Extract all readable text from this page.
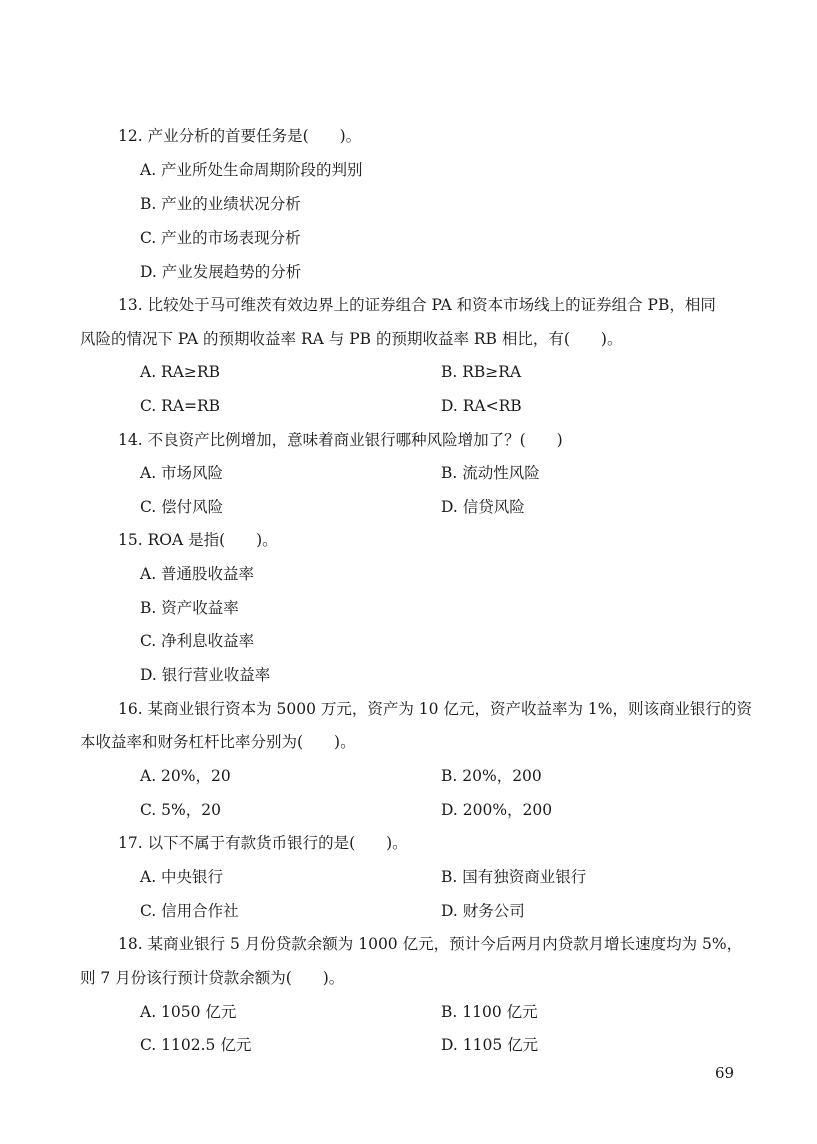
12. 产业分析的首要任务是(　　)。
A. 产业所处生命周期阶段的判别
B. 产业的业绩状况分析
C. 产业的市场表现分析
D. 产业发展趋势的分析
13. 比较处于马可维茨有效边界上的证券组合 PA 和资本市场线上的证券组合 PB，相同
风险的情况下 PA 的预期收益率 RA 与 PB 的预期收益率 RB 相比，有(　　)。
A. RA≥RB	B. RB≥RA
C. RA=RB	D. RA<RB
14. 不良资产比例增加，意味着商业银行哪种风险增加了？(　　)
A. 市场风险	B. 流动性风险
C. 偿付风险	D. 信贷风险
15. ROA 是指(　　)。
A. 普通股收益率
B. 资产收益率
C. 净利息收益率
D. 银行营业收益率
16. 某商业银行资本为 5000 万元，资产为 10 亿元，资产收益率为 1%，则该商业银行的资
本收益率和财务杠杆比率分别为(　　)。
A. 20%，20	B. 20%，200
C. 5%，20	D. 200%，200
17. 以下不属于有款货币银行的是(　　)。
A. 中央银行	B. 国有独资商业银行
C. 信用合作社	D. 财务公司
18. 某商业银行 5 月份贷款余额为 1000 亿元，预计今后两月内贷款月增长速度均为 5%，
则 7 月份该行预计贷款余额为(　　)。
A. 1050 亿元	B. 1100 亿元
C. 1102.5 亿元	D. 1105 亿元
69
